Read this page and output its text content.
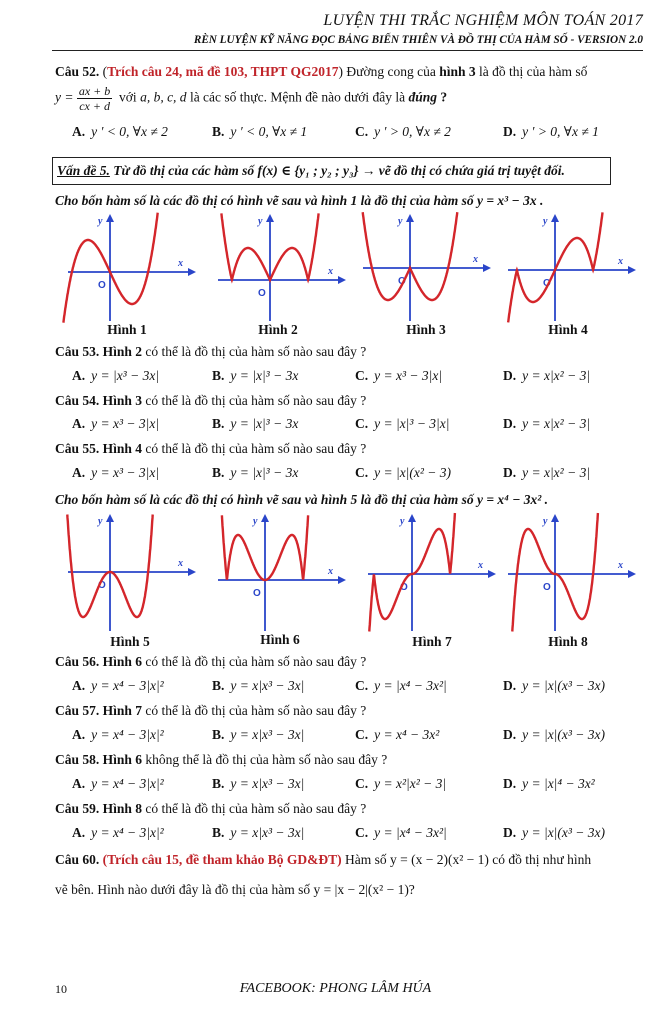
LUYỆN THI TRẮC NGHIỆM MÔN TOÁN 2017
RÈN LUYỆN KỸ NĂNG ĐỌC BẢNG BIẾN THIÊN VÀ ĐỒ THỊ CỦA HÀM SỐ - VERSION 2.0
Câu 52. (Trích câu 24, mã đề 103, THPT QG2017) Đường cong của hình 3 là đồ thị của hàm số
$y = \frac{ax + b}{cx + d}$ với a, b, c, d là các số thực. Mệnh đề nào dưới đây là đúng ?
A. y ′ < 0, ∀x ≠ 2	B. y ′ < 0, ∀x ≠ 1	C. y ′ > 0, ∀x ≠ 2	D. y ′ > 0, ∀x ≠ 1
Vấn đề 5. Từ đồ thị của các hàm số f(x) ∈ {y₁ ; y₂ ; y₃} → vẽ đồ thị có chứa giá trị tuyệt đối.
Cho bốn hàm số là các đồ thị có hình vẽ sau và hình 1 là đồ thị của hàm số y = x³ − 3x .
x
y
O
x
y
O
x
y
O
x
y
O
Hình 1	Hình 2	Hình 3	Hình 4
Câu 53. Hình 2 có thể là đồ thị của hàm số nào sau đây ?
A. y = |x³ − 3x|	B. y = |x|³ − 3x	C. y = x³ − 3|x|	D. y = x|x² − 3|
Câu 54. Hình 3 có thể là đồ thị của hàm số nào sau đây ?
A. y = x³ − 3|x|	B. y = |x|³ − 3x	C. y = |x|³ − 3|x|	D. y = x|x² − 3|
Câu 55. Hình 4 có thể là đồ thị của hàm số nào sau đây ?
A. y = x³ − 3|x|	B. y = |x|³ − 3x	C. y = |x|(x² − 3)	D. y = x|x² − 3|
Cho bốn hàm số là các đồ thị có hình vẽ sau và hình 5 là đồ thị của hàm số y = x⁴ − 3x² .
x
y
O
x
y
O
x
y
O
x
y
O
Hình 5	Hình 6	Hình 7	Hình 8
Câu 56. Hình 6 có thể là đồ thị của hàm số nào sau đây ?
A. y = x⁴ − 3|x|²	B. y = x|x³ − 3x|	C. y = |x⁴ − 3x²|	D. y = |x|(x³ − 3x)
Câu 57. Hình 7 có thể là đồ thị của hàm số nào sau đây ?
A. y = x⁴ − 3|x|²	B. y = x|x³ − 3x|	C. y = x⁴ − 3x²	D. y = |x|(x³ − 3x)
Câu 58. Hình 6 không thể là đồ thị của hàm số nào sau đây ?
A. y = x⁴ − 3|x|²	B. y = x|x³ − 3x|	C. y = x²|x² − 3|	D. y = |x|⁴ − 3x²
Câu 59. Hình 8 có thể là đồ thị của hàm số nào sau đây ?
A. y = x⁴ − 3|x|²	B. y = x|x³ − 3x|	C. y = |x⁴ − 3x²|	D. y = |x|(x³ − 3x)
Câu 60. (Trích câu 15, đề tham khảo Bộ GD&ĐT) Hàm số y = (x − 2)(x² − 1) có đồ thị như hình
vẽ bên. Hình nào dưới đây là đồ thị của hàm số y = |x − 2|(x² − 1)?
10	FACEBOOK: PHONG LÂM HÚA
